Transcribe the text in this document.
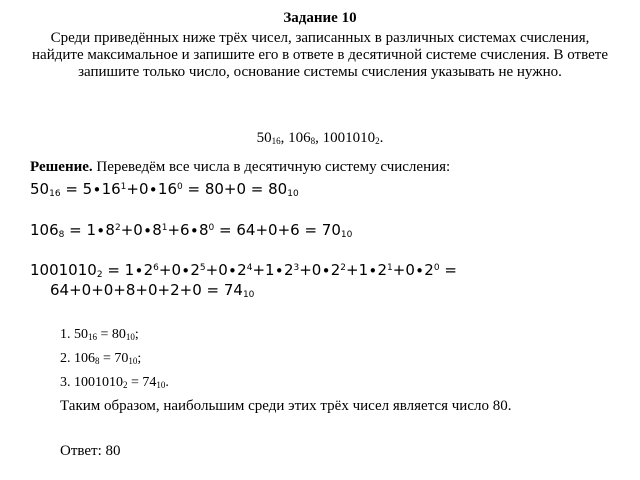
Задание 10
Среди приведённых ниже трёх чисел, записанных в различных системах счисления, найдите максимальное и запишите его в ответе в десятичной системе счисления. В ответе запишите только число, основание системы счисления указывать не нужно.
$50_{16}$, $106_8$, $1001010_2$.
Решение. Переведём все числа в десятичную систему счисления:
$50_{16} = 5\cdot 16^1+0\cdot 16^0 = 80+0 = 80_{10}$
$106_8 = 1\cdot 8^2+0\cdot 8^1+6\cdot 8^0 = 64+0+6 = 70_{10}$
$1001010_2 = 1\cdot 2^6+0\cdot 2^5+0\cdot 2^4+1\cdot 2^3+0\cdot 2^2+1\cdot 2^1+0\cdot 2^0$ =
$64+0+0+8+0+2+0 = 74_{10}$
1. $50_{16} = 80_{10}$;
2. $106_8 = 70_{10}$;
3. $1001010_2 = 74_{10}$.
Таким образом, наибольшим среди этих трёх чисел является число 80.
Ответ: 80
